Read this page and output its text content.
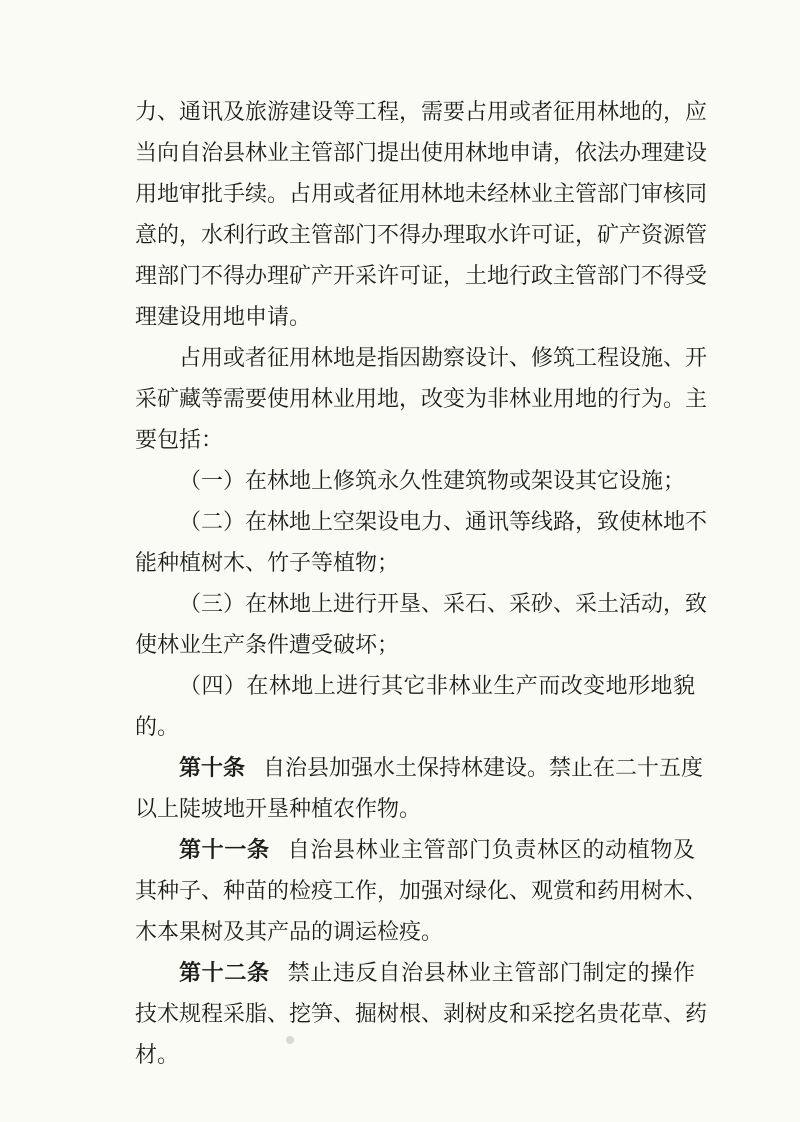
力、通讯及旅游建设等工程，需要占用或者征用林地的，应
当向自治县林业主管部门提出使用林地申请，依法办理建设
用地审批手续。占用或者征用林地未经林业主管部门审核同
意的，水利行政主管部门不得办理取水许可证，矿产资源管
理部门不得办理矿产开采许可证，土地行政主管部门不得受
理建设用地申请。
占用或者征用林地是指因勘察设计、修筑工程设施、开
采矿藏等需要使用林业用地，改变为非林业用地的行为。主
要包括：
（一）在林地上修筑永久性建筑物或架设其它设施；
（二）在林地上空架设电力、通讯等线路，致使林地不
能种植树木、竹子等植物；
（三）在林地上进行开垦、采石、采砂、采土活动，致
使林业生产条件遭受破坏；
（四）在林地上进行其它非林业生产而改变地形地貌
的。
第十条 自治县加强水土保持林建设。禁止在二十五度
以上陡坡地开垦种植农作物。
第十一条 自治县林业主管部门负责林区的动植物及
其种子、种苗的检疫工作，加强对绿化、观赏和药用树木、
木本果树及其产品的调运检疫。
第十二条 禁止违反自治县林业主管部门制定的操作
技术规程采脂、挖笋、掘树根、剥树皮和采挖名贵花草、药
材。
